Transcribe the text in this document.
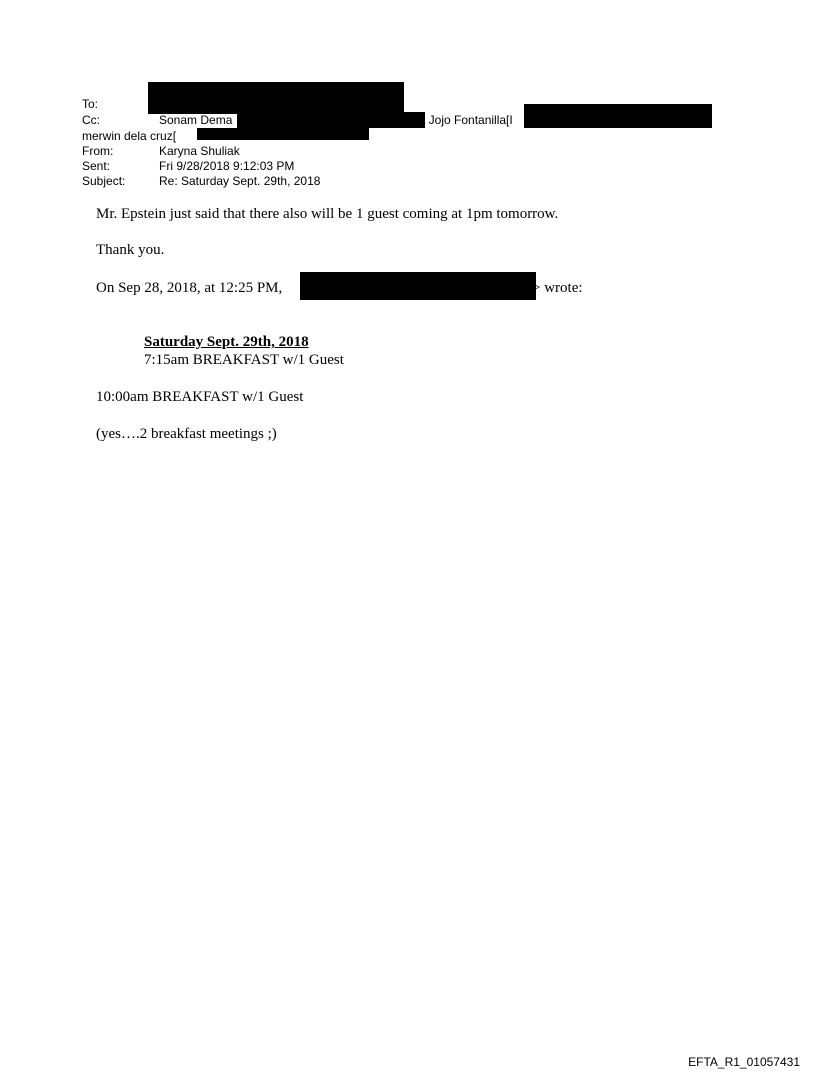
To:
Cc:	Sonam Dema	; Jojo Fontanilla[I	;
merwin dela cruz[
From:	Karyna Shuliak
Sent:	Fri 9/28/2018 9:12:03 PM
Subject:	Re: Saturday Sept. 29th, 2018
Mr. Epstein just said that there also will be 1 guest coming at 1pm tomorrow.
Thank you.
On Sep 28, 2018, at 12:25 PM,	> wrote:
Saturday Sept. 29th, 2018
7:15am BREAKFAST w/1 Guest
10:00am BREAKFAST w/1 Guest
(yes….2 breakfast meetings ;)
EFTA_R1_01057431
